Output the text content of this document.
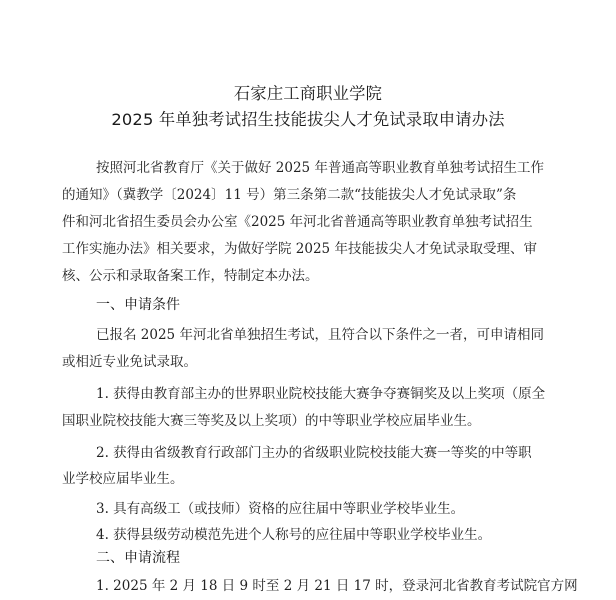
石家庄工商职业学院
2025 年单独考试招生技能拔尖人才免试录取申请办法
按照河北省教育厅《关于做好 2025 年普通高等职业教育单独考试招生工作
的通知》（冀教学〔2024〕11 号）第三条第二款“技能拔尖人才免试录取”条
件和河北省招生委员会办公室《2025 年河北省普通高等职业教育单独考试招生
工作实施办法》相关要求，为做好学院 2025 年技能拔尖人才免试录取受理、审
核、公示和录取备案工作，特制定本办法。
一、申请条件
已报名 2025 年河北省单独招生考试，且符合以下条件之一者，可申请相同
或相近专业免试录取。
1. 获得由教育部主办的世界职业院校技能大赛争夺赛铜奖及以上奖项（原全
国职业院校技能大赛三等奖及以上奖项）的中等职业学校应届毕业生。
2. 获得由省级教育行政部门主办的省级职业院校技能大赛一等奖的中等职
业学校应届毕业生。
3. 具有高级工（或技师）资格的应往届中等职业学校毕业生。
4. 获得县级劳动模范先进个人称号的应往届中等职业学校毕业生。
二、申请流程
1. 2025 年 2 月 18 日 9 时至 2 月 21 日 17 时，登录河北省教育考试院官方网
